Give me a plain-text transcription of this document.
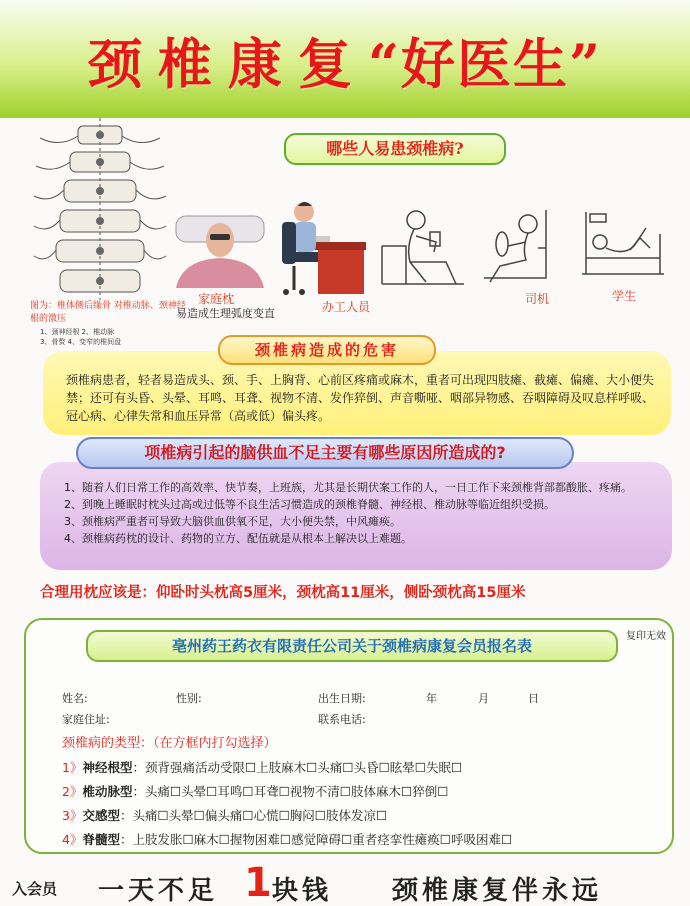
颈椎康复“好医生”
图为：椎体侧后缘骨 对椎动脉、颈神经根的激压
1、颈神经根 2、椎动脉
3、骨赘 4、变窄的椎间盘
哪些人易患颈椎病?
家庭枕
易造成生理弧度变直	办工人员
司机	学生
颈椎病造成的危害
颈椎病患者，轻者易造成头、颈、手、上胸背、心前区疼痛或麻木，重者可出现四肢瘫、截瘫、偏瘫、大小便失禁；还可有头昏、头晕、耳鸣、耳聋、视物不清、发作猝倒、声音嘶哑、咽部异物感、吞咽障碍及叹息样呼吸、冠心病、心律失常和血压异常（高或低）偏头疼。
项椎病引起的脑供血不足主要有哪些原因所造成的?

1、随着人们日常工作的高效率、快节奏，上班族，尤其是长期伏案工作的人，一日工作下来颈椎背部都酸胀、疼痛。

2、到晚上睡眠时枕头过高或过低等不良生活习惯造成的颈椎脊髓、神经根、椎动脉等临近组织受损。

3、颈椎病严重者可导致大脑供血供氧不足，大小便失禁，中风瘫痪。

4、颈椎病药枕的设计、药物的立方、配伍就是从根本上解决以上难题。

合理用枕应该是：仰卧时头枕高5厘米，颈枕高11厘米，侧卧颈枕高15厘米
亳州药王药衣有限责任公司关于颈椎病康复会员报名表
复印无效
姓名:	性别:	出生日期:	年	月	日
家庭住址:	联系电话:
颈椎病的类型：（在方框内打勾选择）
1》神经根型：颈背强痛活动受限☐上肢麻木☐头痛☐头昏☐眩晕☐失眠☐
2》椎动脉型：头痛☐头晕☐耳鸣☐耳聋☐视物不清☐肢体麻木☐猝倒☐
3》交感型：头痛☐头晕☐偏头痛☐心慌☐胸闷☐肢体发凉☐
4》脊髓型：上肢发胀☐麻木☐握物困难☐感觉障碍☐重者痉挛性瘫痪☐呼吸困难☐
入会员 一天不足 1 块钱 颈椎康复伴永远
